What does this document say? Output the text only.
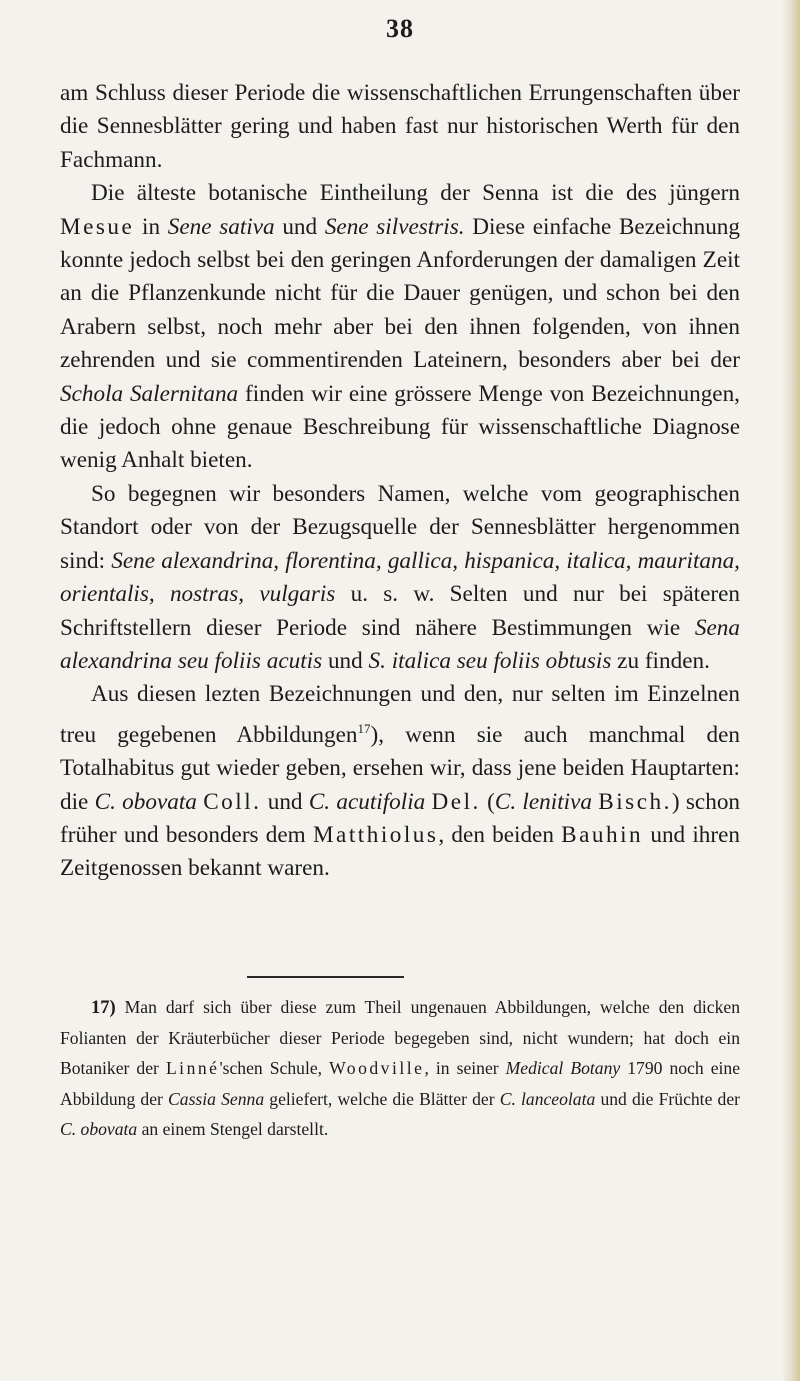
38

am Schluss dieser Periode die wissenschaftlichen Errungenschaften über die Sennesblätter gering und haben fast nur historischen Werth für den Fachmann.

Die älteste botanische Eintheilung der Senna ist die des jüngern Mesue in Sene sativa und Sene silvestris. Diese einfache Bezeichnung konnte jedoch selbst bei den geringen Anforderungen der damaligen Zeit an die Pflanzenkunde nicht für die Dauer genügen, und schon bei den Arabern selbst, noch mehr aber bei den ihnen folgenden, von ihnen zehrenden und sie commentirenden Lateinern, besonders aber bei der Schola Salernitana finden wir eine grössere Menge von Bezeichnungen, die jedoch ohne genaue Beschreibung für wissenschaftliche Diagnose wenig Anhalt bieten.

So begegnen wir besonders Namen, welche vom geographischen Standort oder von der Bezugsquelle der Sennesblätter hergenommen sind: Sene alexandrina, florentina, gallica, hispanica, italica, mauritana, orientalis, nostras, vulgaris u. s. w. Selten und nur bei späteren Schriftstellern dieser Periode sind nähere Bestimmungen wie Sena alexandrina seu foliis acutis und S. italica seu foliis obtusis zu finden.

Aus diesen lezten Bezeichnungen und den, nur selten im Einzelnen treu gegebenen Abbildungen$^{17}$), wenn sie auch manchmal den Totalhabitus gut wieder geben, ersehen wir, dass jene beiden Hauptarten: die C. obovata Coll. und C. acutifolia Del. (C. lenitiva Bisch.) schon früher und besonders dem Matthiolus, den beiden Bauhin und ihren Zeitgenossen bekannt waren.

17) Man darf sich über diese zum Theil ungenauen Abbildungen, welche den dicken Folianten der Kräuterbücher dieser Periode begegeben sind, nicht wundern; hat doch ein Botaniker der Linné'schen Schule, Woodville, in seiner Medical Botany 1790 noch eine Abbildung der Cassia Senna geliefert, welche die Blätter der C. lanceolata und die Früchte der C. obovata an einem Stengel darstellt.
